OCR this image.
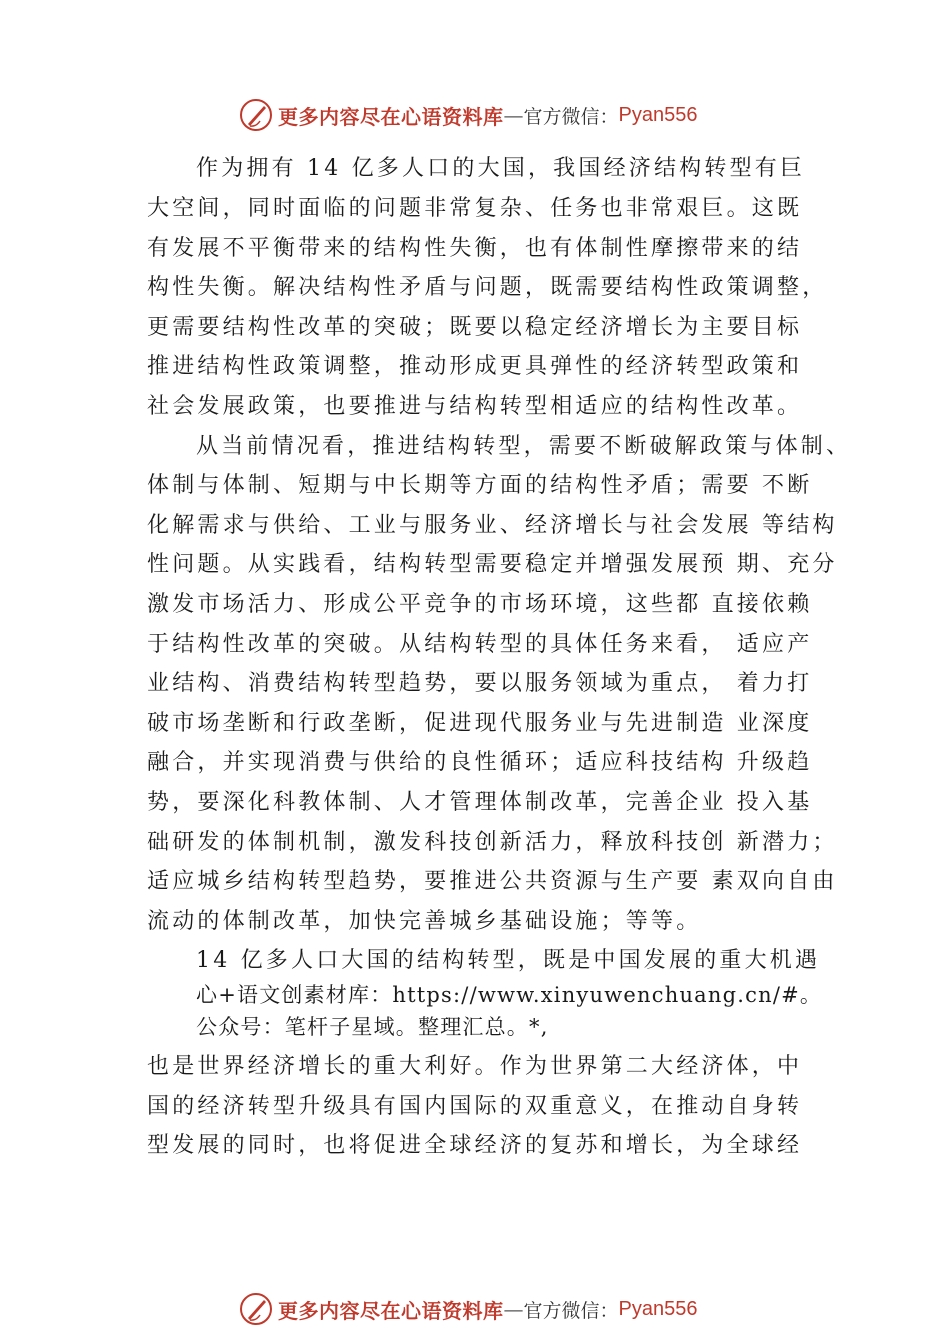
更多内容尽在心语资料库 — 官方微信： Pyan556
作为拥有 14 亿多人口的大国，我国经济结构转型有巨
大空间，同时面临的问题非常复杂、任务也非常艰巨。这既
有发展不平衡带来的结构性失衡，也有体制性摩擦带来的结
构性失衡。解决结构性矛盾与问题，既需要结构性政策调整，
更需要结构性改革的突破；既要以稳定经济增长为主要目标
推进结构性政策调整，推动形成更具弹性的经济转型政策和
社会发展政策，也要推进与结构转型相适应的结构性改革。
从当前情况看，推进结构转型，需要不断破解政策与体制、
体制与体制、短期与中长期等方面的结构性矛盾；需要 不断
化解需求与供给、工业与服务业、经济增长与社会发展 等结构
性问题。从实践看，结构转型需要稳定并增强发展预 期、充分
激发市场活力、形成公平竞争的市场环境，这些都 直接依赖
于结构性改革的突破。从结构转型的具体任务来看， 适应产
业结构、消费结构转型趋势，要以服务领域为重点， 着力打
破市场垄断和行政垄断，促进现代服务业与先进制造 业深度
融合，并实现消费与供给的良性循环；适应科技结构 升级趋
势，要深化科教体制、人才管理体制改革，完善企业 投入基
础研发的体制机制，激发科技创新活力，释放科技创 新潜力；
适应城乡结构转型趋势，要推进公共资源与生产要 素双向自由
流动的体制改革，加快完善城乡基础设施；等等。
14 亿多人口大国的结构转型，既是中国发展的重大机遇
心+语文创素材库：https://www.xinyuwenchuang.cn/#。
公众号：笔杆子星域。整理汇总。*,
也是世界经济增长的重大利好。作为世界第二大经济体，中
国的经济转型升级具有国内国际的双重意义，在推动自身转
型发展的同时，也将促进全球经济的复苏和增长，为全球经
更多内容尽在心语资料库 — 官方微信： Pyan556
